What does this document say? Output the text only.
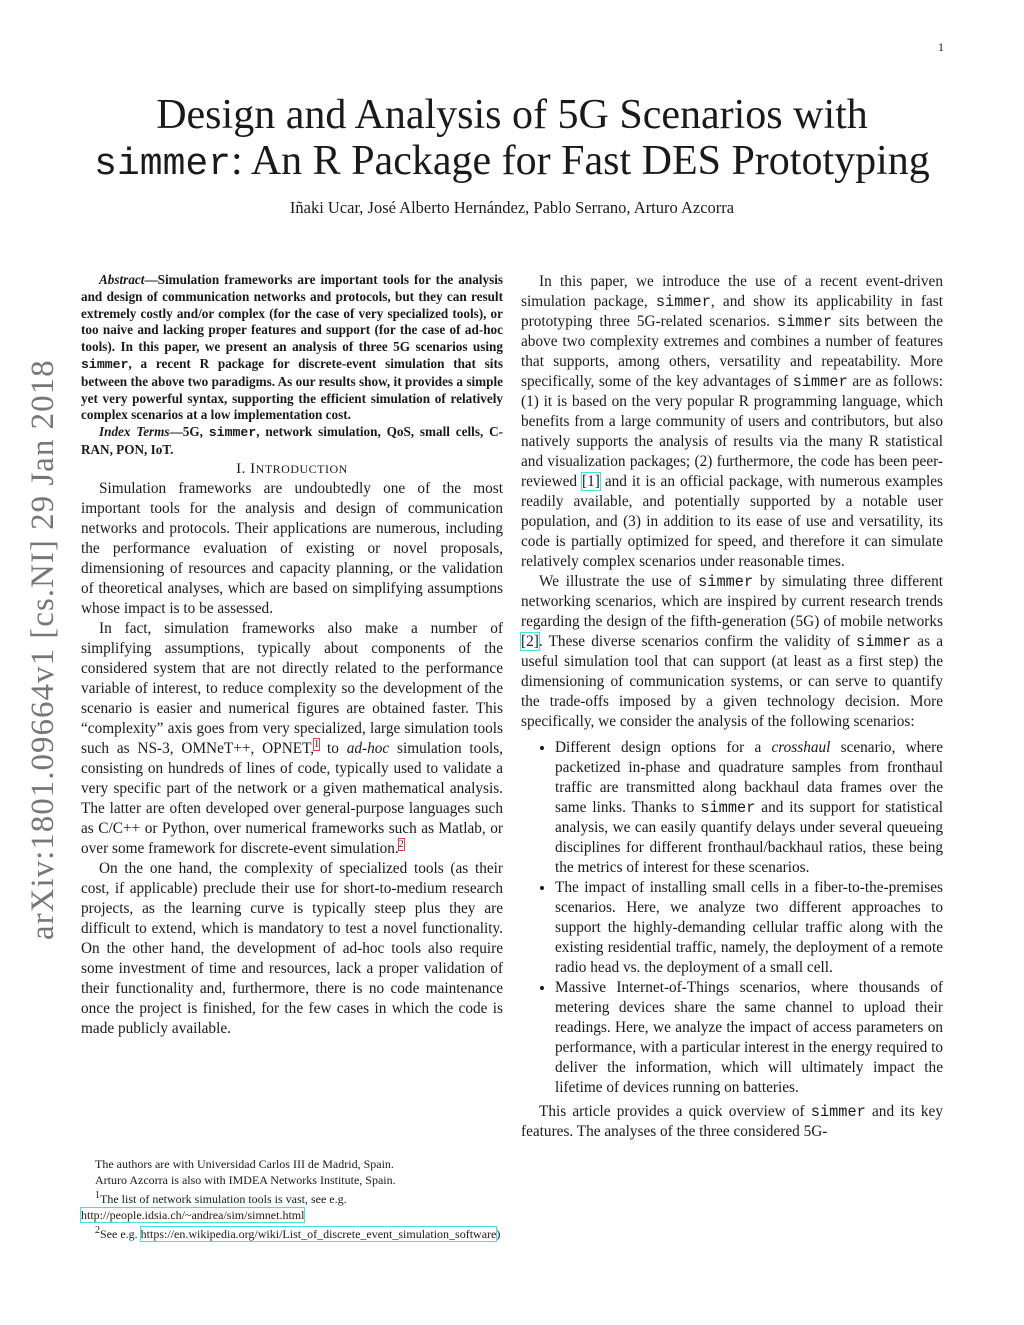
1
arXiv:1801.09664v1 [cs.NI] 29 Jan 2018
Design and Analysis of 5G Scenarios with
simmer: An R Package for Fast DES Prototyping
Iñaki Ucar, José Alberto Hernández, Pablo Serrano, Arturo Azcorra

Abstract—Simulation frameworks are important tools for the analysis and design of communication networks and protocols, but they can result extremely costly and/or complex (for the case of very specialized tools), or too naive and lacking proper features and support (for the case of ad-hoc tools). In this paper, we present an analysis of three 5G scenarios using simmer, a recent R package for discrete-event simulation that sits between the above two paradigms. As our results show, it provides a simple yet very powerful syntax, supporting the efficient simulation of relatively complex scenarios at a low implementation cost.

Index Terms—5G, simmer, network simulation, QoS, small cells, C-RAN, PON, IoT.

I. INTRODUCTION

Simulation frameworks are undoubtedly one of the most important tools for the analysis and design of communication networks and protocols. Their applications are numerous, including the performance evaluation of existing or novel proposals, dimensioning of resources and capacity planning, or the validation of theoretical analyses, which are based on simplifying assumptions whose impact is to be assessed.

In fact, simulation frameworks also make a number of simplifying assumptions, typically about components of the considered system that are not directly related to the performance variable of interest, to reduce complexity so the development of the scenario is easier and numerical figures are obtained faster. This “complexity” axis goes from very specialized, large simulation tools such as NS-3, OMNeT++, OPNET,$^1$ to ad-hoc simulation tools, consisting on hundreds of lines of code, typically used to validate a very specific part of the network or a given mathematical analysis. The latter are often developed over general-purpose languages such as C/C++ or Python, over numerical frameworks such as Matlab, or over some framework for discrete-event simulation.$^2$

On the one hand, the complexity of specialized tools (as their cost, if applicable) preclude their use for short-to-medium research projects, as the learning curve is typically steep plus they are difficult to extend, which is mandatory to test a novel functionality. On the other hand, the development of ad-hoc tools also require some investment of time and resources, lack a proper validation of their functionality and, furthermore, there is no code maintenance once the project is finished, for the few cases in which the code is made publicly available.

The authors are with Universidad Carlos III de Madrid, Spain.
Arturo Azcorra is also with IMDEA Networks Institute, Spain.
$^1$The list of network simulation tools is vast, see e.g. http://people.idsia.ch/~andrea/sim/simnet.html
$^2$See e.g. https://en.wikipedia.org/wiki/List_of_discrete_event_simulation_software)

In this paper, we introduce the use of a recent event-driven simulation package, simmer, and show its applicability in fast prototyping three 5G-related scenarios. simmer sits between the above two complexity extremes and combines a number of features that supports, among others, versatility and repeatability. More specifically, some of the key advantages of simmer are as follows: (1) it is based on the very popular R programming language, which benefits from a large community of users and contributors, but also natively supports the analysis of results via the many R statistical and visualization packages; (2) furthermore, the code has been peer-reviewed [1] and it is an official package, with numerous examples readily available, and potentially supported by a notable user population, and (3) in addition to its ease of use and versatility, its code is partially optimized for speed, and therefore it can simulate relatively complex scenarios under reasonable times.

We illustrate the use of simmer by simulating three different networking scenarios, which are inspired by current research trends regarding the design of the fifth-generation (5G) of mobile networks [2]. These diverse scenarios confirm the validity of simmer as a useful simulation tool that can support (at least as a first step) the dimensioning of communication systems, or can serve to quantify the trade-offs imposed by a given technology decision. More specifically, we consider the analysis of the following scenarios:

• Different design options for a crosshaul scenario, where packetized in-phase and quadrature samples from fronthaul traffic are transmitted along backhaul data frames over the same links. Thanks to simmer and its support for statistical analysis, we can easily quantify delays under several queueing disciplines for different fronthaul/backhaul ratios, these being the metrics of interest for these scenarios.
• The impact of installing small cells in a fiber-to-the-premises scenarios. Here, we analyze two different approaches to support the highly-demanding cellular traffic along with the existing residential traffic, namely, the deployment of a remote radio head vs. the deployment of a small cell.
• Massive Internet-of-Things scenarios, where thousands of metering devices share the same channel to upload their readings. Here, we analyze the impact of access parameters on performance, with a particular interest in the energy required to deliver the information, which will ultimately impact the lifetime of devices running on batteries.

This article provides a quick overview of simmer and its key features. The analyses of the three considered 5G-
